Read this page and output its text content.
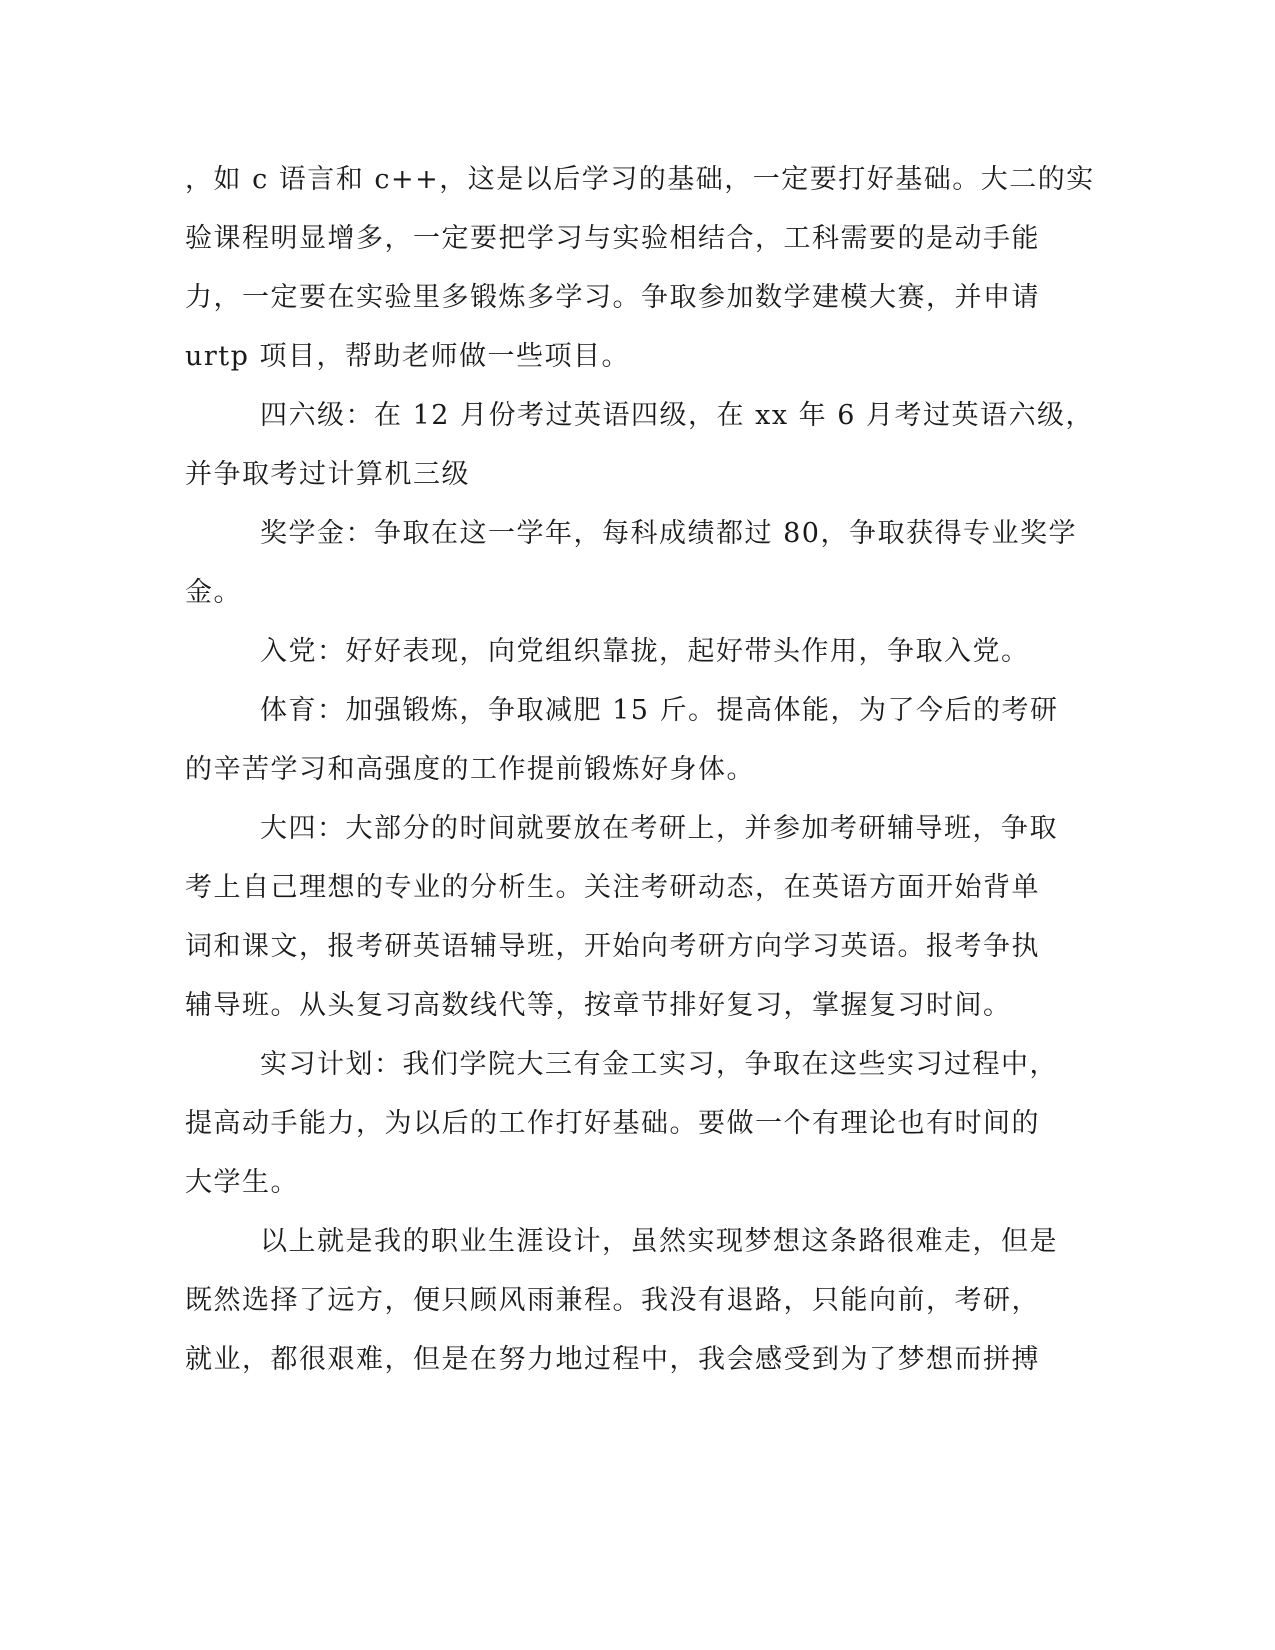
，如 c 语言和 c++，这是以后学习的基础，一定要打好基础。大二的实
验课程明显增多，一定要把学习与实验相结合，工科需要的是动手能
力，一定要在实验里多锻炼多学习。争取参加数学建模大赛，并申请
urtp 项目，帮助老师做一些项目。
四六级：在 12 月份考过英语四级，在 xx 年 6 月考过英语六级，
并争取考过计算机三级
奖学金：争取在这一学年，每科成绩都过 80，争取获得专业奖学
金。
入党：好好表现，向党组织靠拢，起好带头作用，争取入党。
体育：加强锻炼，争取减肥 15 斤。提高体能，为了今后的考研
的辛苦学习和高强度的工作提前锻炼好身体。
大四：大部分的时间就要放在考研上，并参加考研辅导班，争取
考上自己理想的专业的分析生。关注考研动态，在英语方面开始背单
词和课文，报考研英语辅导班，开始向考研方向学习英语。报考争执
辅导班。从头复习高数线代等，按章节排好复习，掌握复习时间。
实习计划：我们学院大三有金工实习，争取在这些实习过程中，
提高动手能力，为以后的工作打好基础。要做一个有理论也有时间的
大学生。
以上就是我的职业生涯设计，虽然实现梦想这条路很难走，但是
既然选择了远方，便只顾风雨兼程。我没有退路，只能向前，考研，
就业，都很艰难，但是在努力地过程中，我会感受到为了梦想而拼搏
